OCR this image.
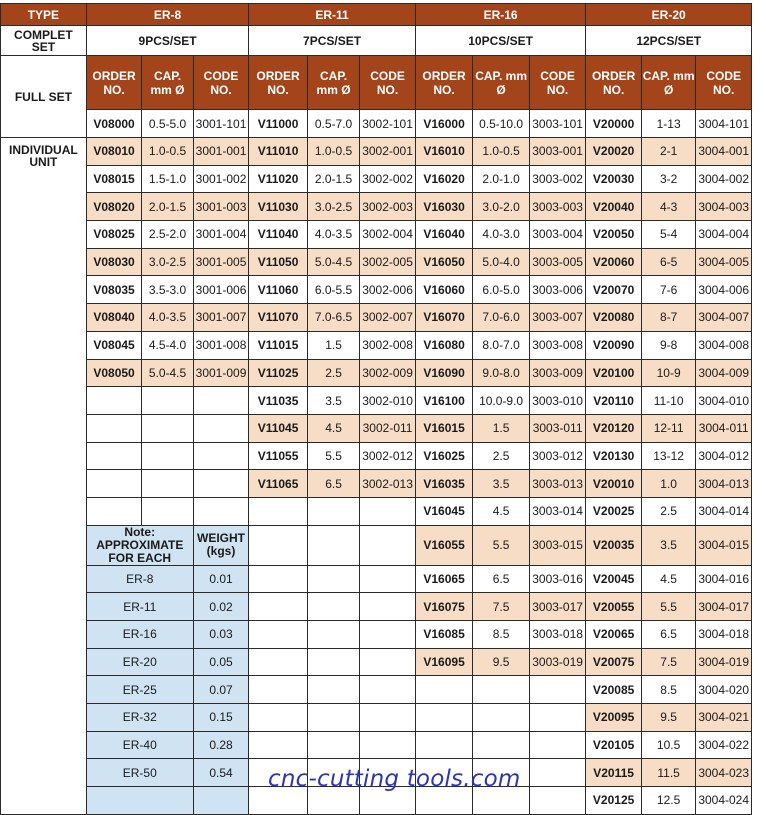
TYPE	ER-8			ER-11			ER-16			ER-20		
COMPLET SET	9PCS/SET			7PCS/SET			10PCS/SET			12PCS/SET		
FULL SET	ORDER NO.	CAP. mm Ø	CODE NO.	ORDER NO.	CAP. mm Ø	CODE NO.	ORDER NO.	CAP. mm Ø	CODE NO.	ORDER NO.	CAP. mm Ø	CODE NO.
	V08000	0.5-5.0	3001-101	V11000	0.5-7.0	3002-101	V16000	0.5-10.0	3003-101	V20000	1-13	3004-101
INDIVIDUAL UNIT	V08010	1.0-0.5	3001-001	V11010	1.0-0.5	3002-001	V16010	1.0-0.5	3003-001	V20020	2-1	3004-001
	V08015	1.5-1.0	3001-002	V11020	2.0-1.5	3002-002	V16020	2.0-1.0	3003-002	V20030	3-2	3004-002
	V08020	2.0-1.5	3001-003	V11030	3.0-2.5	3002-003	V16030	3.0-2.0	3003-003	V20040	4-3	3004-003
	V08025	2.5-2.0	3001-004	V11040	4.0-3.5	3002-004	V16040	4.0-3.0	3003-004	V20050	5-4	3004-004
	V08030	3.0-2.5	3001-005	V11050	5.0-4.5	3002-005	V16050	5.0-4.0	3003-005	V20060	6-5	3004-005
	V08035	3.5-3.0	3001-006	V11060	6.0-5.5	3002-006	V16060	6.0-5.0	3003-006	V20070	7-6	3004-006
	V08040	4.0-3.5	3001-007	V11070	7.0-6.5	3002-007	V16070	7.0-6.0	3003-007	V20080	8-7	3004-007
	V08045	4.5-4.0	3001-008	V11015	1.5	3002-008	V16080	8.0-7.0	3003-008	V20090	9-8	3004-008
	V08050	5.0-4.5	3001-009	V11025	2.5	3002-009	V16090	9.0-8.0	3003-009	V20100	10-9	3004-009
				V11035	3.5	3002-010	V16100	10.0-9.0	3003-010	V20110	11-10	3004-010
				V11045	4.5	3002-011	V16015	1.5	3003-011	V20120	12-11	3004-011
				V11055	5.5	3002-012	V16025	2.5	3003-012	V20130	13-12	3004-012
				V11065	6.5	3002-013	V16035	3.5	3003-013	V20010	1.0	3004-013
							V16045	4.5	3003-014	V20025	2.5	3004-014
	Note: APPROXIMATE FOR EACH		WEIGHT (kgs)				V16055	5.5	3003-015	V20035	3.5	3004-015
	ER-8		0.01				V16065	6.5	3003-016	V20045	4.5	3004-016
	ER-11		0.02				V16075	7.5	3003-017	V20055	5.5	3004-017
	ER-16		0.03				V16085	8.5	3003-018	V20065	6.5	3004-018
	ER-20		0.05				V16095	9.5	3003-019	V20075	7.5	3004-019
	ER-25		0.07							V20085	8.5	3004-020
	ER-32		0.15							V20095	9.5	3004-021
	ER-40		0.28							V20105	10.5	3004-022
	ER-50		0.54							V20115	11.5	3004-023
										V20125	12.5	3004-024
cnc-cutting tools.com
